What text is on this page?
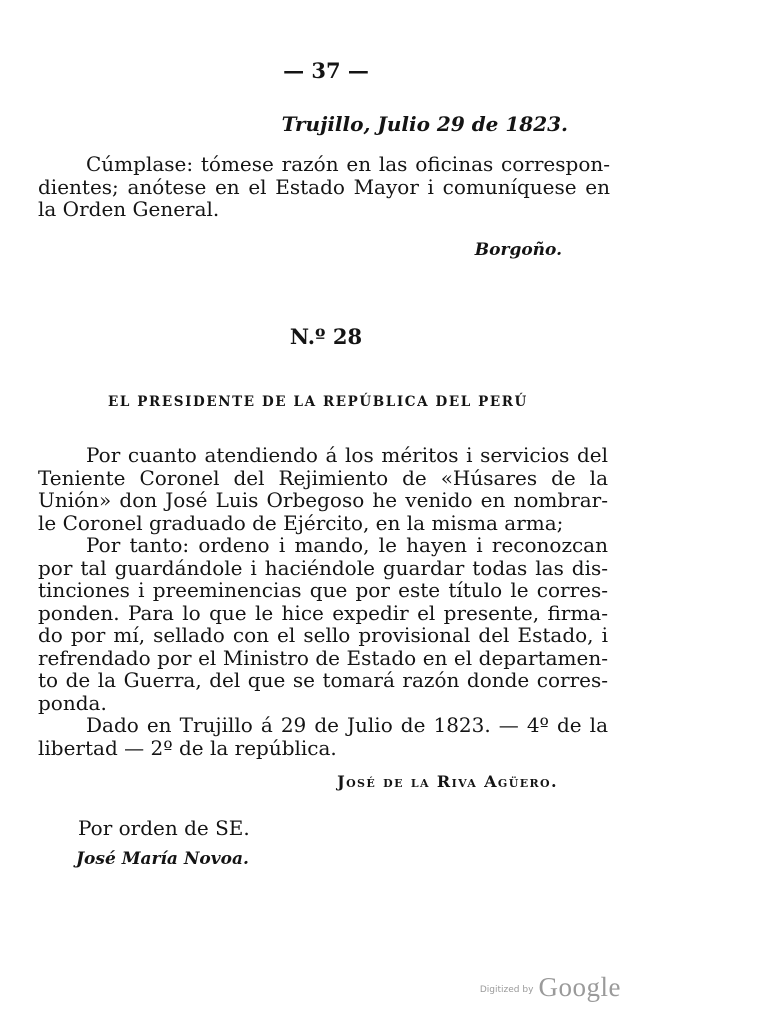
— 37 —
Trujillo, Julio 29 de 1823.
Cúmplase: tómese razón en las oficinas correspon-
dientes; anótese en el Estado Mayor i comuníquese en
la Orden General.
Borgoño.
N.º 28
EL PRESIDENTE DE LA REPÚBLICA DEL PERÚ
Por cuanto atendiendo á los méritos i servicios del
Teniente Coronel del Rejimiento de «Húsares de la
Unión» don José Luis Orbegoso he venido en nombrar-
le Coronel graduado de Ejército, en la misma arma;
Por tanto: ordeno i mando, le hayen i reconozcan
por tal guardándole i haciéndole guardar todas las dis-
tinciones i preeminencias que por este título le corres-
ponden. Para lo que le hice expedir el presente, firma-
do por mí, sellado con el sello provisional del Estado, i
refrendado por el Ministro de Estado en el departamen-
to de la Guerra, del que se tomará razón donde corres-
ponda.
Dado en Trujillo á 29 de Julio de 1823. — 4º de la
libertad — 2º de la república.
José de la Riva Agüero.
Por orden de SE.
José María Novoa.
$^{Digitized by}$ Google
